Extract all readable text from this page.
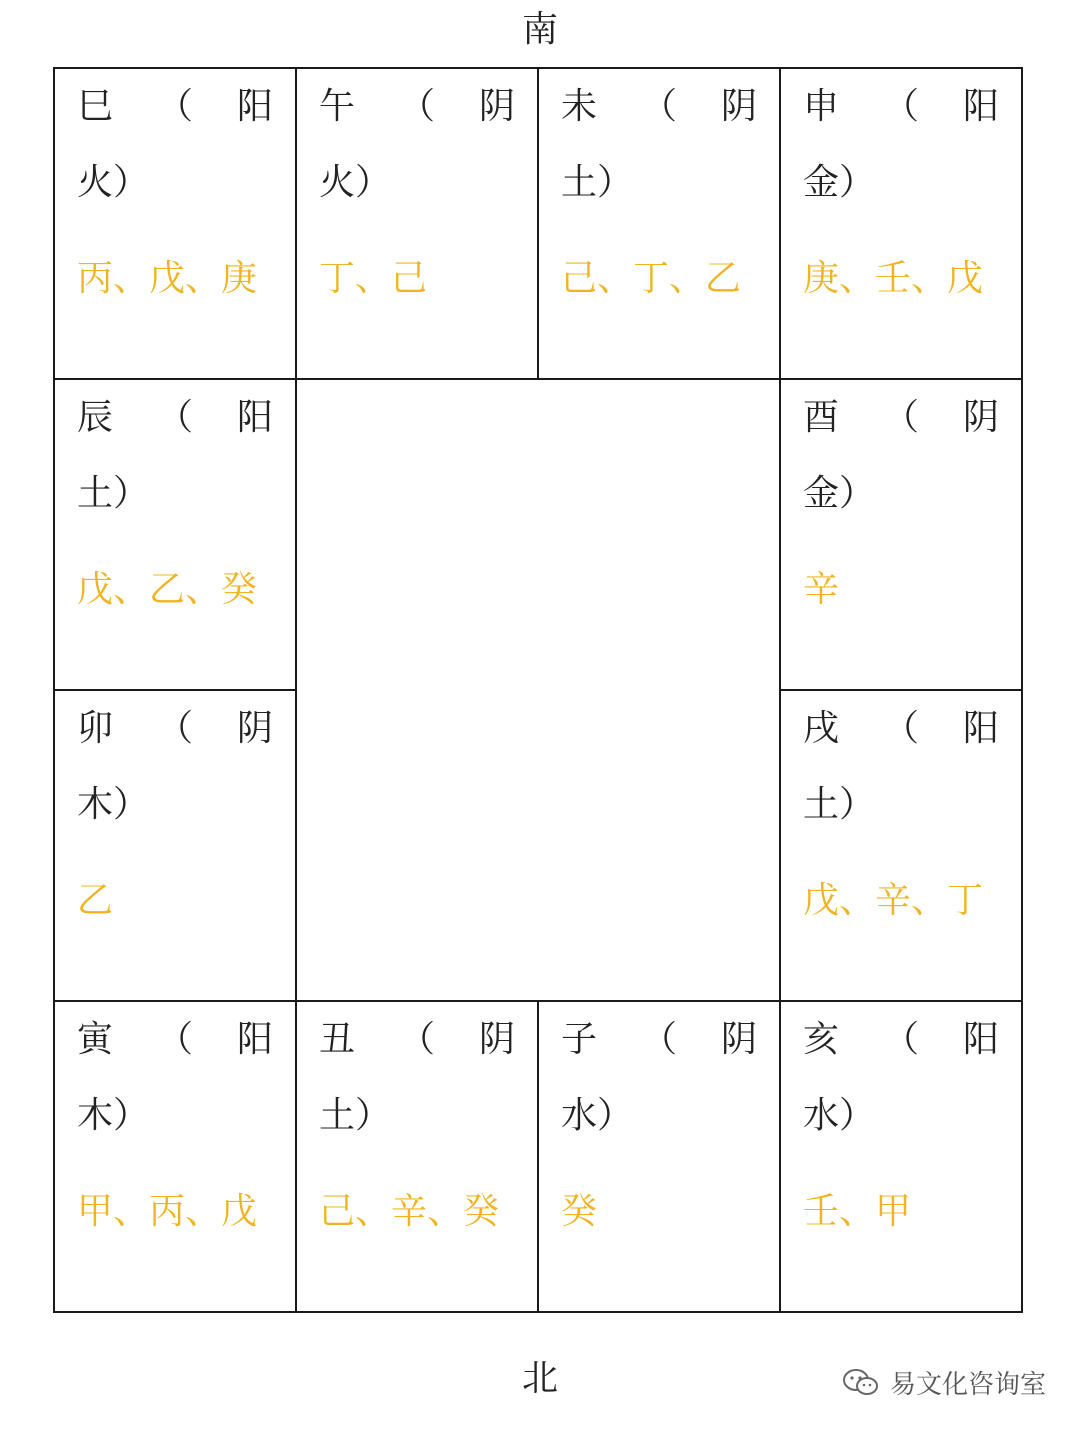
南
巳 （ 阳
火）
丙、戊、庚
午 （ 阴
火）
丁、己
未 （ 阴
土）
己、丁、乙
申 （ 阳
金）
庚、壬、戊
辰 （ 阳
土）
戊、乙、癸
酉 （ 阴
金）
辛
卯 （ 阴
木）
乙
戌 （ 阳
土）
戊、辛、丁
寅 （ 阳
木）
甲、丙、戊
丑 （ 阴
土）
己、辛、癸
子 （ 阴
水）
癸
亥 （ 阳
水）
壬、甲
北	易文化咨询室
